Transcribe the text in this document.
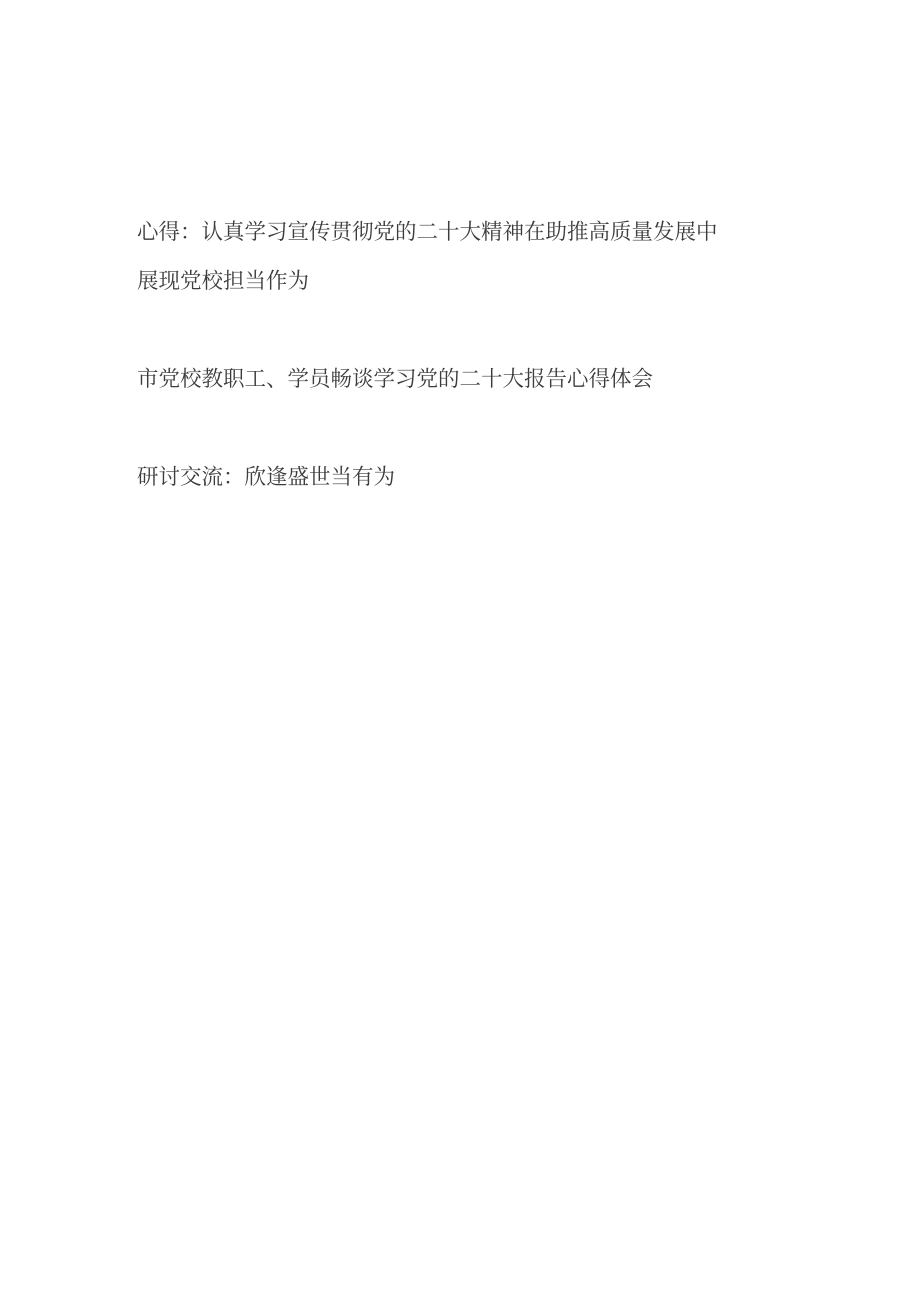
心得：认真学习宣传贯彻党的二十大精神在助推高质量发展中展现党校担当作为

市党校教职工、学员畅谈学习党的二十大报告心得体会

研讨交流：欣逢盛世当有为
